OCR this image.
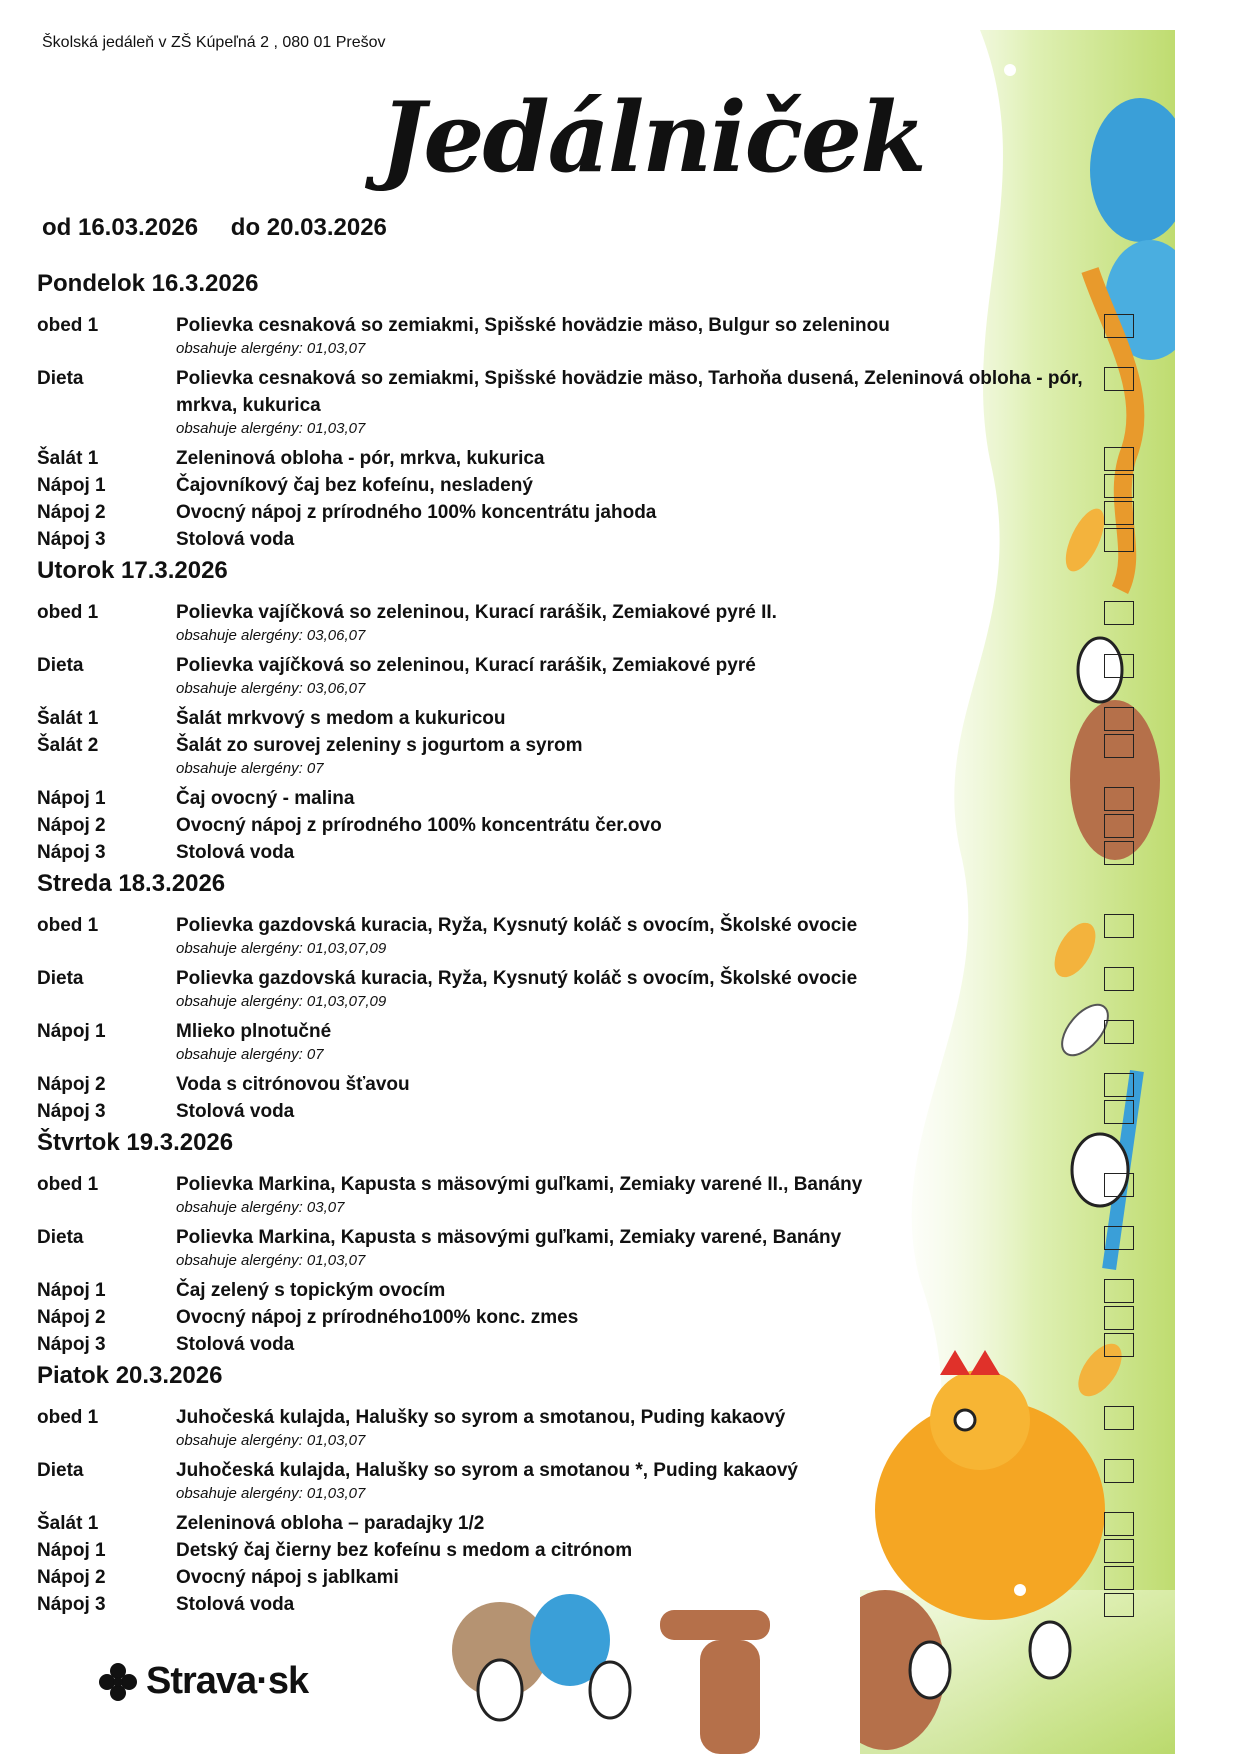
Školská jedáleň v ZŠ Kúpeľná 2 , 080 01 Prešov
Jedálniček
od 16.03.2026 do 20.03.2026
Pondelok 16.3.2026
obed 1	Polievka cesnaková so zemiakmi, Spišské hovädzie mäso, Bulgur so zeleninou
obsahuje alergény: 01,03,07
Dieta	Polievka cesnaková so zemiakmi, Spišské hovädzie mäso, Tarhoňa dusená, Zeleninová obloha - pór, mrkva, kukurica
obsahuje alergény: 01,03,07
Šalát 1	Zeleninová obloha - pór, mrkva, kukurica
Nápoj 1	Čajovníkový čaj bez kofeínu, nesladený
Nápoj 2	Ovocný nápoj z prírodného 100% koncentrátu jahoda
Nápoj 3	Stolová voda
Utorok 17.3.2026
obed 1	Polievka vajíčková so zeleninou, Kurací rarášik, Zemiakové pyré II.
obsahuje alergény: 03,06,07
Dieta	Polievka vajíčková so zeleninou, Kurací rarášik, Zemiakové pyré
obsahuje alergény: 03,06,07
Šalát 1	Šalát mrkvový s medom a kukuricou
Šalát 2	Šalát zo surovej zeleniny s jogurtom a syrom
obsahuje alergény: 07
Nápoj 1	Čaj ovocný - malina
Nápoj 2	Ovocný nápoj z prírodného 100% koncentrátu čer.ovo
Nápoj 3	Stolová voda
Streda 18.3.2026
obed 1	Polievka gazdovská kuracia, Ryža, Kysnutý koláč s ovocím, Školské ovocie
obsahuje alergény: 01,03,07,09
Dieta	Polievka gazdovská kuracia, Ryža, Kysnutý koláč s ovocím, Školské ovocie
obsahuje alergény: 01,03,07,09
Nápoj 1	Mlieko plnotučné
obsahuje alergény: 07
Nápoj 2	Voda s citrónovou šťavou
Nápoj 3	Stolová voda
Štvrtok 19.3.2026
obed 1	Polievka Markina, Kapusta s mäsovými guľkami, Zemiaky varené II., Banány
obsahuje alergény: 03,07
Dieta	Polievka Markina, Kapusta s mäsovými guľkami, Zemiaky varené, Banány
obsahuje alergény: 01,03,07
Nápoj 1	Čaj zelený s topickým ovocím
Nápoj 2	Ovocný nápoj z prírodného100% konc. zmes
Nápoj 3	Stolová voda
Piatok 20.3.2026
obed 1	Juhočeská kulajda, Halušky so syrom a smotanou, Puding kakaový
obsahuje alergény: 01,03,07
Dieta	Juhočeská kulajda, Halušky so syrom a smotanou *, Puding kakaový
obsahuje alergény: 01,03,07
Šalát 1	Zeleninová obloha – paradajky 1/2
Nápoj 1	Detský čaj čierny bez kofeínu s medom a citrónom
Nápoj 2	Ovocný nápoj s jablkami
Nápoj 3	Stolová voda
Strava·sk
